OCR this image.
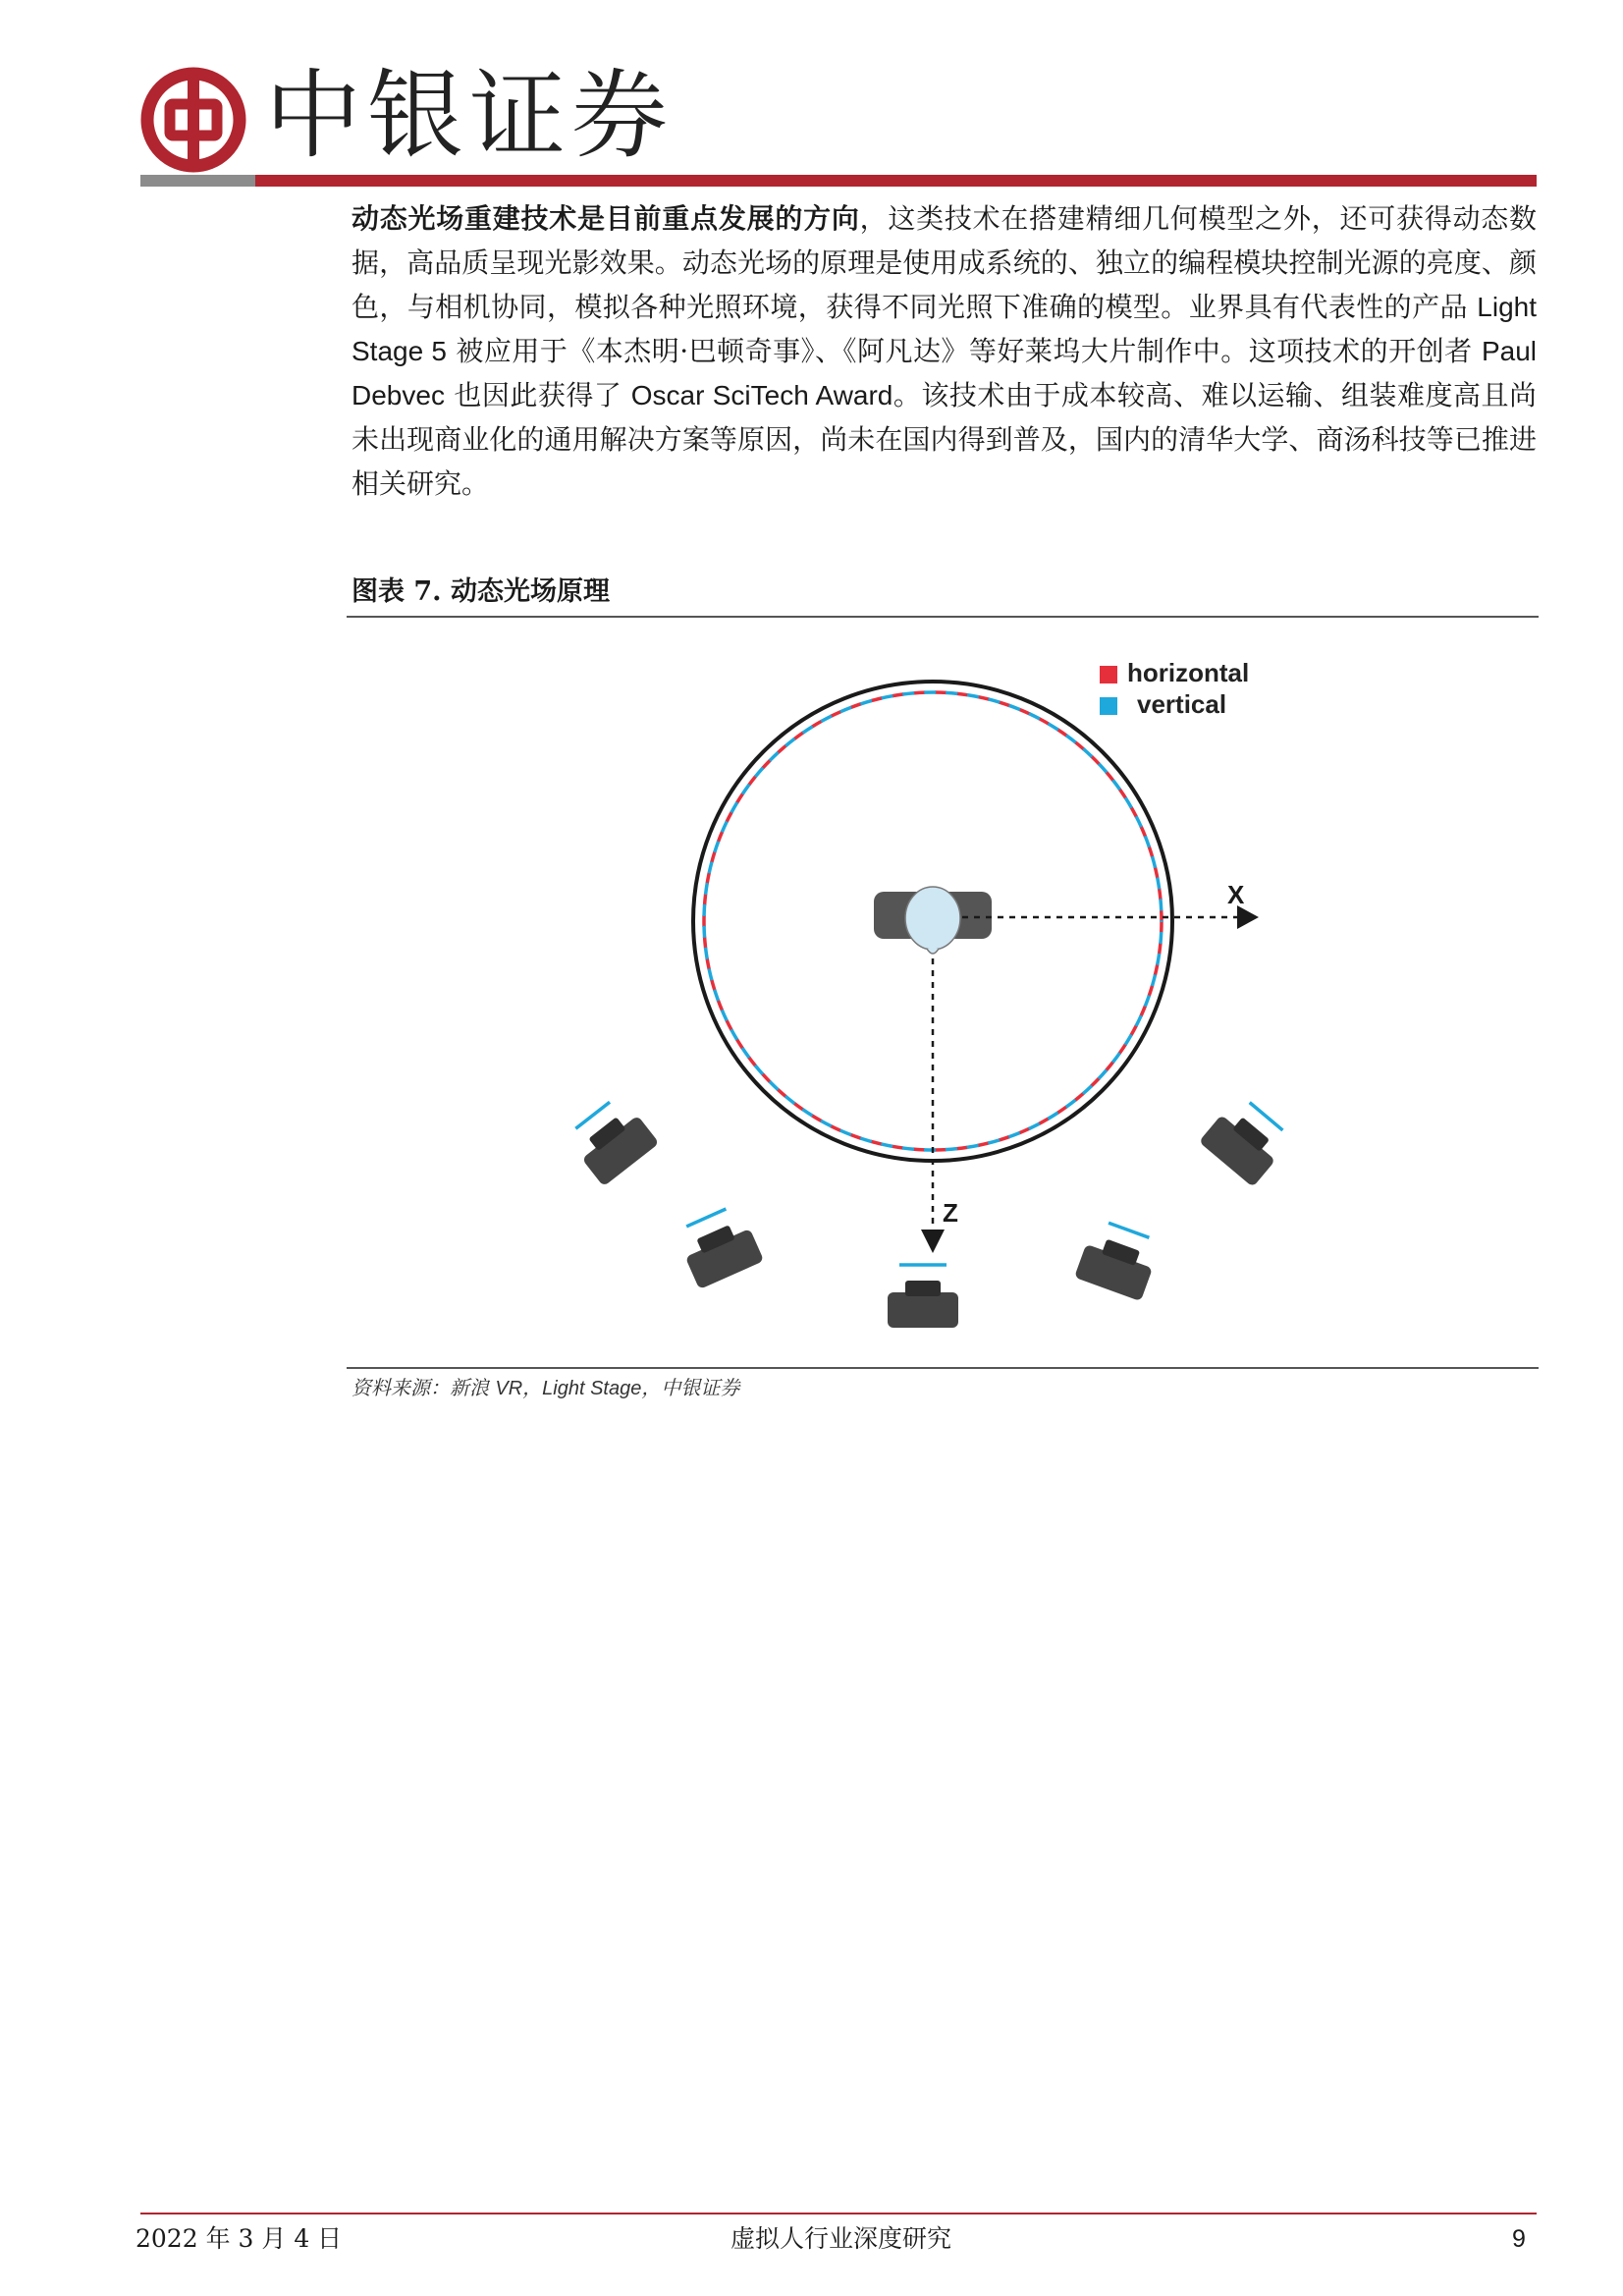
中银证券
动态光场重建技术是目前重点发展的方向，这类技术在搭建精细几何模型之外，还可获得动态数据，高品质呈现光影效果。动态光场的原理是使用成系统的、独立的编程模块控制光源的亮度、颜色，与相机协同，模拟各种光照环境，获得不同光照下准确的模型。业界具有代表性的产品 Light Stage 5 被应用于《本杰明·巴顿奇事》、《阿凡达》等好莱坞大片制作中。这项技术的开创者 Paul Debvec 也因此获得了 Oscar SciTech Award。该技术由于成本较高、难以运输、组装难度高且尚未出现商业化的通用解决方案等原因，尚未在国内得到普及，国内的清华大学、商汤科技等已推进相关研究。
图表 7. 动态光场原理
horizontal
vertical
X
Z
资料来源：新浪 VR，Light Stage，中银证券
2022 年 3 月 4 日	虚拟人行业深度研究	9
